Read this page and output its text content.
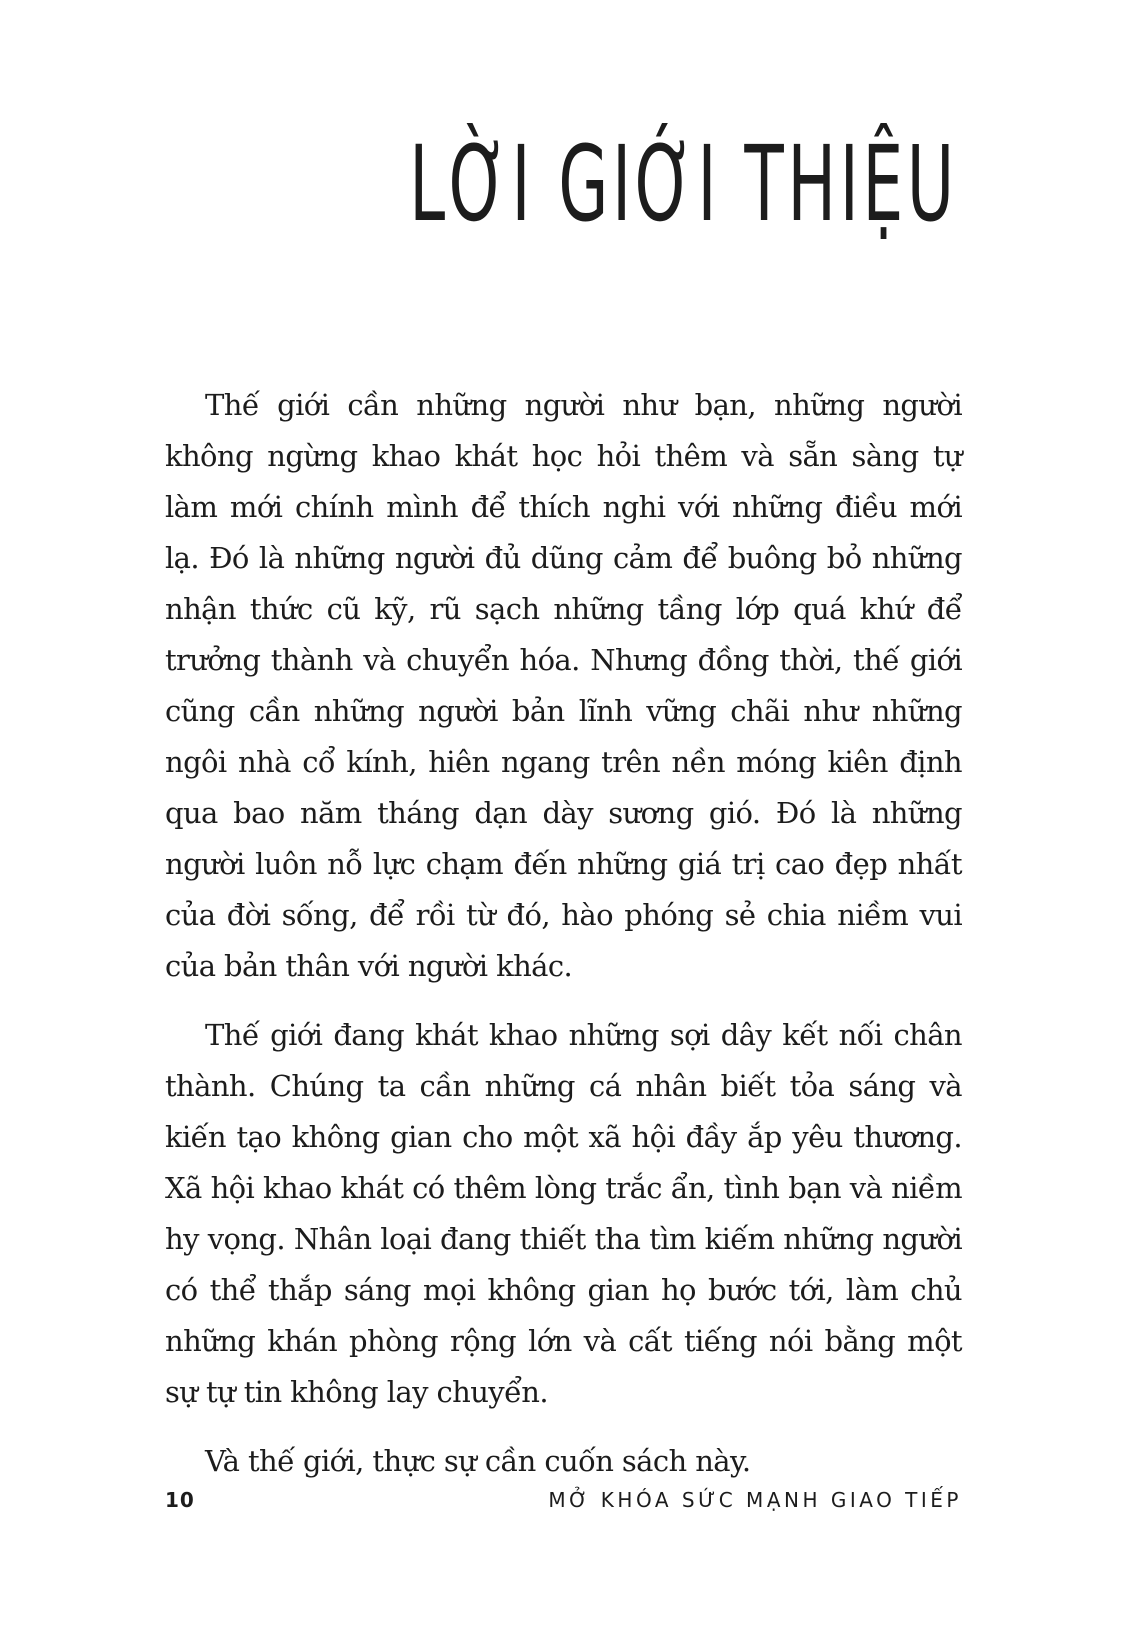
LỜI GIỚI THIỆU

Thế giới cần những người như bạn, những người không ngừng khao khát học hỏi thêm và sẵn sàng tự làm mới chính mình để thích nghi với những điều mới lạ. Đó là những người đủ dũng cảm để buông bỏ những nhận thức cũ kỹ, rũ sạch những tầng lớp quá khứ để trưởng thành và chuyển hóa. Nhưng đồng thời, thế giới cũng cần những người bản lĩnh vững chãi như những ngôi nhà cổ kính, hiên ngang trên nền móng kiên định qua bao năm tháng dạn dày sương gió. Đó là những người luôn nỗ lực chạm đến những giá trị cao đẹp nhất của đời sống, để rồi từ đó, hào phóng sẻ chia niềm vui của bản thân với người khác.

Thế giới đang khát khao những sợi dây kết nối chân thành. Chúng ta cần những cá nhân biết tỏa sáng và kiến tạo không gian cho một xã hội đầy ắp yêu thương. Xã hội khao khát có thêm lòng trắc ẩn, tình bạn và niềm hy vọng. Nhân loại đang thiết tha tìm kiếm những người có thể thắp sáng mọi không gian họ bước tới, làm chủ những khán phòng rộng lớn và cất tiếng nói bằng một sự tự tin không lay chuyển.

Và thế giới, thực sự cần cuốn sách này.

10	MỞ KHÓA SỨC MẠNH GIAO TIẾP
